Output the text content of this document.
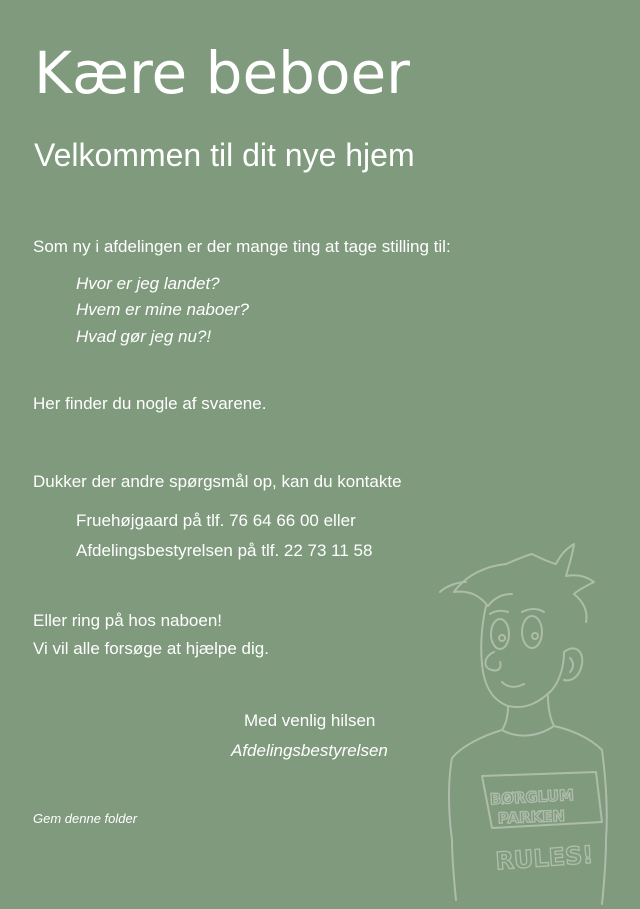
Kære beboer
Velkommen til dit nye hjem

Som ny i afdelingen er der mange ting at tage stilling til:

Hvor er jeg landet?

Hvem er mine naboer?

Hvad gør jeg nu?!

Her finder du nogle af svarene.

Dukker der andre spørgsmål op, kan du kontakte

Fruehøjgaard på tlf. 76 64 66 00 eller

Afdelingsbestyrelsen på tlf. 22 73 11 58

Eller ring på hos naboen!

Vi vil alle forsøge at hjælpe dig.

Med venlig hilsen

Afdelingsbestyrelsen

Gem denne folder

BØRGLUM
PARKEN
RULES!
